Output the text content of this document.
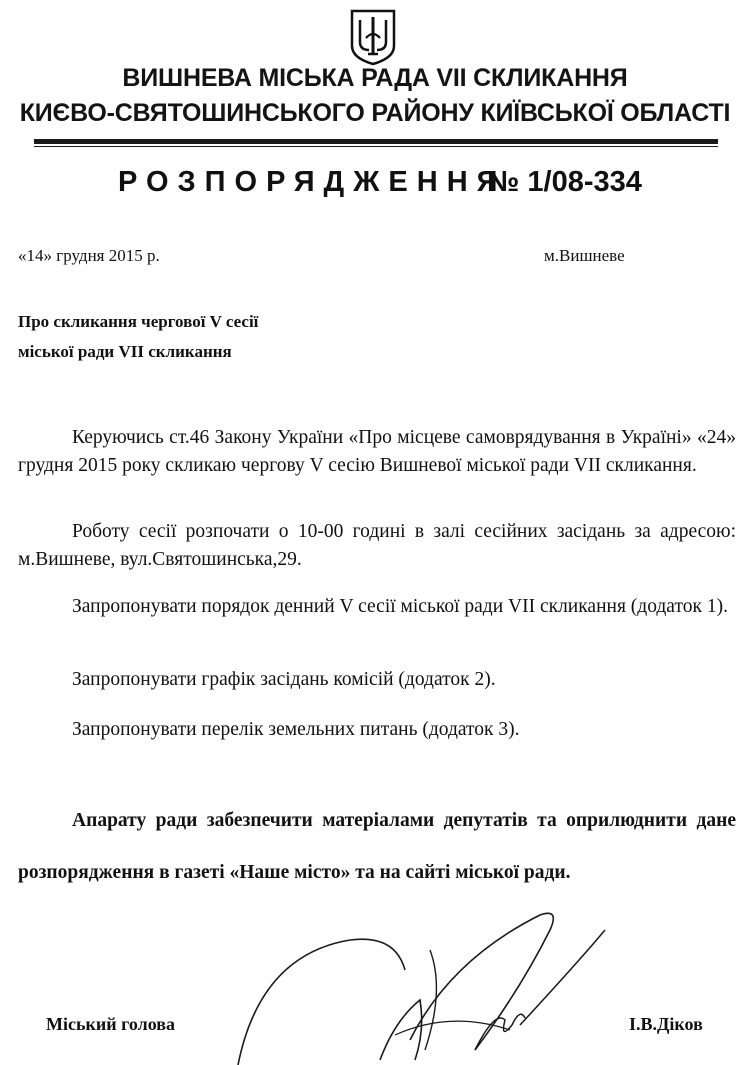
ВИШНЕВА МІСЬКА РАДА VII СКЛИКАННЯ
КИЄВО-СВЯТОШИНСЬКОГО РАЙОНУ КИЇВСЬКОЇ ОБЛАСТІ
РОЗПОРЯДЖЕННЯ
№ 1/08-334
«14» грудня 2015 р.	м.Вишневе
Про скликання чергової V сесії
міської ради VII скликання

Керуючись ст.46 Закону України «Про місцеве самоврядування в Україні» «24» грудня 2015 року скликаю чергову V сесію Вишневої міської ради VII скликання.

Роботу сесії розпочати о 10-00 годині в залі сесійних засідань за адресою: м.Вишневе, вул.Святошинська,29.

Запропонувати порядок денний V сесії міської ради VII скликання (додаток 1).

Запропонувати графік засідань комісій (додаток 2).

Запропонувати перелік земельних питань (додаток 3).

Апарату ради забезпечити матеріалами депутатів та оприлюднити дане розпорядження в газеті «Наше місто» та на сайті міської ради.

Міський голова	І.В.Діков
